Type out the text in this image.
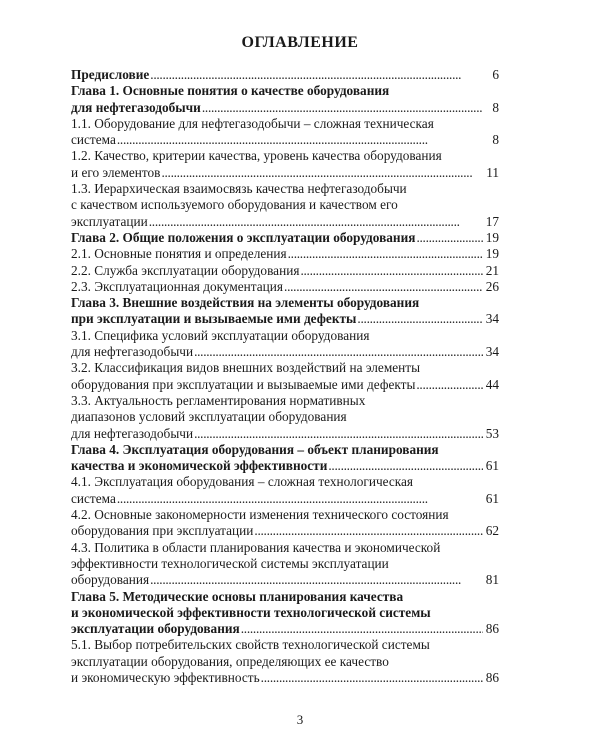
ОГЛАВЛЕНИЕ
Предисловие . . .	6
Глава 1. Основные понятия о качестве оборудования
для нефтегазодобычи . . .	8
1.1. Оборудование для нефтегазодобычи – сложная техническая
система . . .	8
1.2. Качество, критерии качества, уровень качества оборудования
и его элементов . . .	11
1.3. Иерархическая взаимосвязь качества нефтегазодобычи
с качеством используемого оборудования и качеством его
эксплуатации . . .	17
Глава 2. Общие положения о эксплуатации оборудования . . .	19
2.1. Основные понятия и определения . . .	19
2.2. Служба эксплуатации оборудования . . .	21
2.3. Эксплуатационная документация . . .	26
Глава 3. Внешние воздействия на элементы оборудования
при эксплуатации и вызываемые ими дефекты . . .	34
3.1. Специфика условий эксплуатации оборудования
для нефтегазодобычи . . .	34
3.2. Классификация видов внешних воздействий на элементы
оборудования при эксплуатации и вызываемые ими дефекты . . .	44
3.3. Актуальность регламентирования нормативных
диапазонов условий эксплуатации оборудования
для нефтегазодобычи . . .	53
Глава 4. Эксплуатация оборудования – объект планирования
качества и экономической эффективности . . .	61
4.1. Эксплуатация оборудования – сложная технологическая
система . . .	61
4.2. Основные закономерности изменения технического состояния
оборудования при эксплуатации . . .	62
4.3. Политика в области планирования качества и экономической
эффективности технологической системы эксплуатации
оборудования . . .	81
Глава 5. Методические основы планирования качества
и экономической эффективности технологической системы
эксплуатации оборудования . . .	86
5.1. Выбор потребительских свойств технологической системы
эксплуатации оборудования, определяющих ее качество
и экономическую эффективность . . .	86
3
